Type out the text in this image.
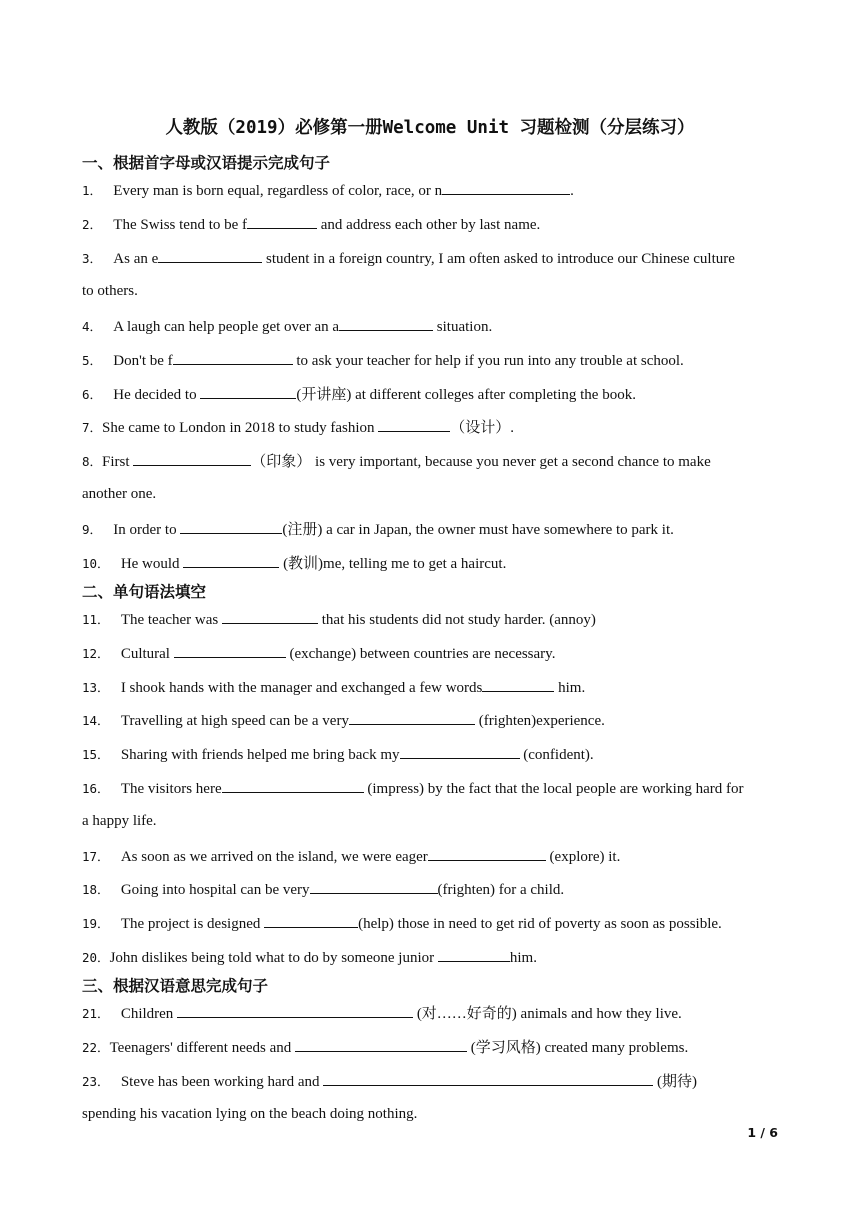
人教版（2019）必修第一册Welcome Unit 习题检测（分层练习）
一、根据首字母或汉语提示完成句子
1． Every man is born equal, regardless of color, race, or n	.
2． The Swiss tend to be f	and address each other by last name.
3． As an e	student in a foreign country, I am often asked to introduce our Chinese culture
to others.
4． A laugh can help people get over an a	situation.
5． Don't be f	to ask your teacher for help if you run into any trouble at school.
6． He decided to	(开讲座) at different colleges after completing the book.
7．She came to London in 2018 to study fashion	（设计）.
8．First	（印象） is very important, because you never get a second chance to make
another one.
9． In order to	(注册) a car in Japan, the owner must have somewhere to park it.
10． He would	(教训)me, telling me to get a haircut.
二、单句语法填空
11． The teacher was	that his students did not study harder. (annoy)
12． Cultural	(exchange) between countries are necessary.
13． I shook hands with the manager and exchanged a few words	him.
14． Travelling at high speed can be a very	(frighten)experience.
15． Sharing with friends helped me bring back my	(confident).
16． The visitors here	(impress) by the fact that the local people are working hard for
a happy life.
17． As soon as we arrived on the island, we were eager	(explore) it.
18． Going into hospital can be very	(frighten) for a child.
19． The project is designed	(help) those in need to get rid of poverty as soon as possible.
20．John dislikes being told what to do by someone junior	him.
三、根据汉语意思完成句子
21． Children	(对……好奇的) animals and how they live.
22．Teenagers' different needs and	(学习风格) created many problems.
23． Steve has been working hard and	(期待)
spending his vacation lying on the beach doing nothing.
1 / 6
